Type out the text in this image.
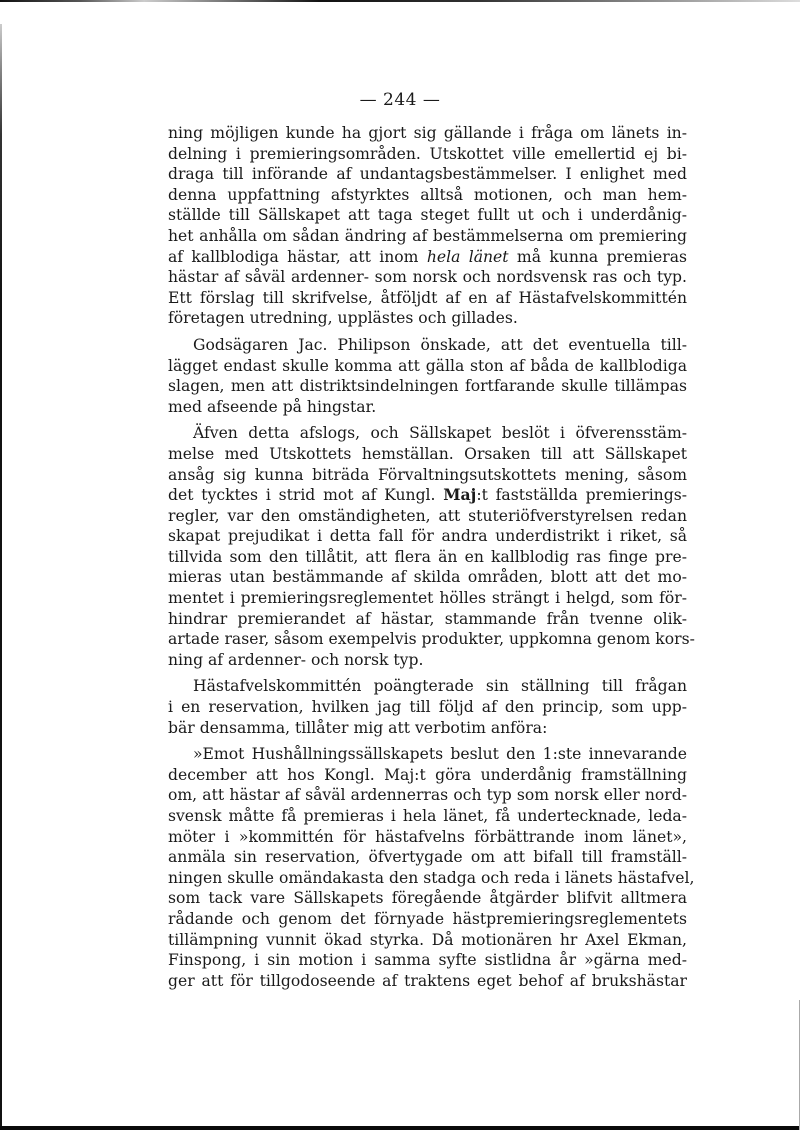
— 244 —
ning möjligen kunde ha gjort sig gällande i fråga om länets in-
delning i premieringsområden. Utskottet ville emellertid ej bi-
draga till införande af undantagsbestämmelser. I enlighet med
denna uppfattning afstyrktes alltså motionen, och man hem-
ställde till Sällskapet att taga steget fullt ut och i underdånig-
het anhålla om sådan ändring af bestämmelserna om premiering
af kallblodiga hästar, att inom hela länet må kunna premieras
hästar af såväl ardenner- som norsk och nordsvensk ras och typ.
Ett förslag till skrifvelse, åtföljdt af en af Hästafvelskommittén
företagen utredning, upplästes och gillades.
Godsägaren Jac. Philipson önskade, att det eventuella till-
lägget endast skulle komma att gälla ston af båda de kallblodiga
slagen, men att distriktsindelningen fortfarande skulle tillämpas
med afseende på hingstar.
Äfven detta afslogs, och Sällskapet beslöt i öfverensstäm-
melse med Utskottets hemställan. Orsaken till att Sällskapet
ansåg sig kunna biträda Förvaltningsutskottets mening, såsom
det tycktes i strid mot af Kungl. Maj:t fastställda premierings-
regler, var den omständigheten, att stuteriöfverstyrelsen redan
skapat prejudikat i detta fall för andra underdistrikt i riket, så
tillvida som den tillåtit, att flera än en kallblodig ras finge pre-
mieras utan bestämmande af skilda områden, blott att det mo-
mentet i premieringsreglementet hölles strängt i helgd, som för-
hindrar premierandet af hästar, stammande från tvenne olik-
artade raser, såsom exempelvis produkter, uppkomna genom kors-
ning af ardenner- och norsk typ.
Hästafvelskommittén poängterade sin ställning till frågan
i en reservation, hvilken jag till följd af den princip, som upp-
bär densamma, tillåter mig att verbotim anföra:
»Emot Hushållningssällskapets beslut den 1:ste innevarande
december att hos Kongl. Maj:t göra underdånig framställning
om, att hästar af såväl ardennerras och typ som norsk eller nord-
svensk måtte få premieras i hela länet, få undertecknade, leda-
möter i »kommittén för hästafvelns förbättrande inom länet»,
anmäla sin reservation, öfvertygade om att bifall till framställ-
ningen skulle omändakasta den stadga och reda i länets hästafvel,
som tack vare Sällskapets föregående åtgärder blifvit alltmera
rådande och genom det förnyade hästpremieringsreglementets
tillämpning vunnit ökad styrka. Då motionären hr Axel Ekman,
Finspong, i sin motion i samma syfte sistlidna år »gärna med-
ger att för tillgodoseende af traktens eget behof af brukshästar
